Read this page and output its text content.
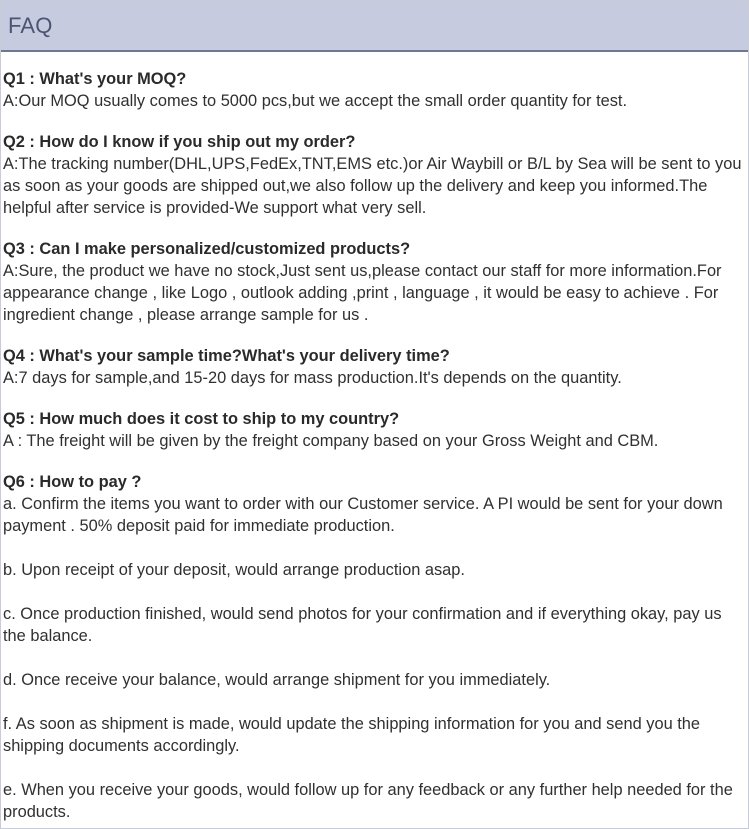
FAQ
Q1 : What's your MOQ?
A:Our MOQ usually comes to 5000 pcs,but we accept the small order quantity for test.
Q2 : How do I know if you ship out my order?
A:The tracking number(DHL,UPS,FedEx,TNT,EMS etc.)or Air Waybill or B/L by Sea will be sent to you as soon as your goods are shipped out,we also follow up the delivery and keep you informed.The helpful after service is provided-We support what very sell.
Q3 : Can I make personalized/customized products?
A:Sure, the product we have no stock,Just sent us,please contact our staff for more information.For appearance change , like Logo , outlook adding ,print , language , it would be easy to achieve . For ingredient change , please arrange sample for us .
Q4 : What's your sample time?What's your delivery time?
A:7 days for sample,and 15-20 days for mass production.It's depends on the quantity.
Q5 : How much does it cost to ship to my country?
A : The freight will be given by the freight company based on your Gross Weight and CBM.
Q6 : How to pay ?
a. Confirm the items you want to order with our Customer service. A PI would be sent for your down payment . 50% deposit paid for immediate production.
b. Upon receipt of your deposit, would arrange production asap.
c. Once production finished, would send photos for your confirmation and if everything okay, pay us the balance.
d. Once receive your balance, would arrange shipment for you immediately.
f. As soon as shipment is made, would update the shipping information for you and send you the shipping documents accordingly.
e. When you receive your goods, would follow up for any feedback or any further help needed for the products.
